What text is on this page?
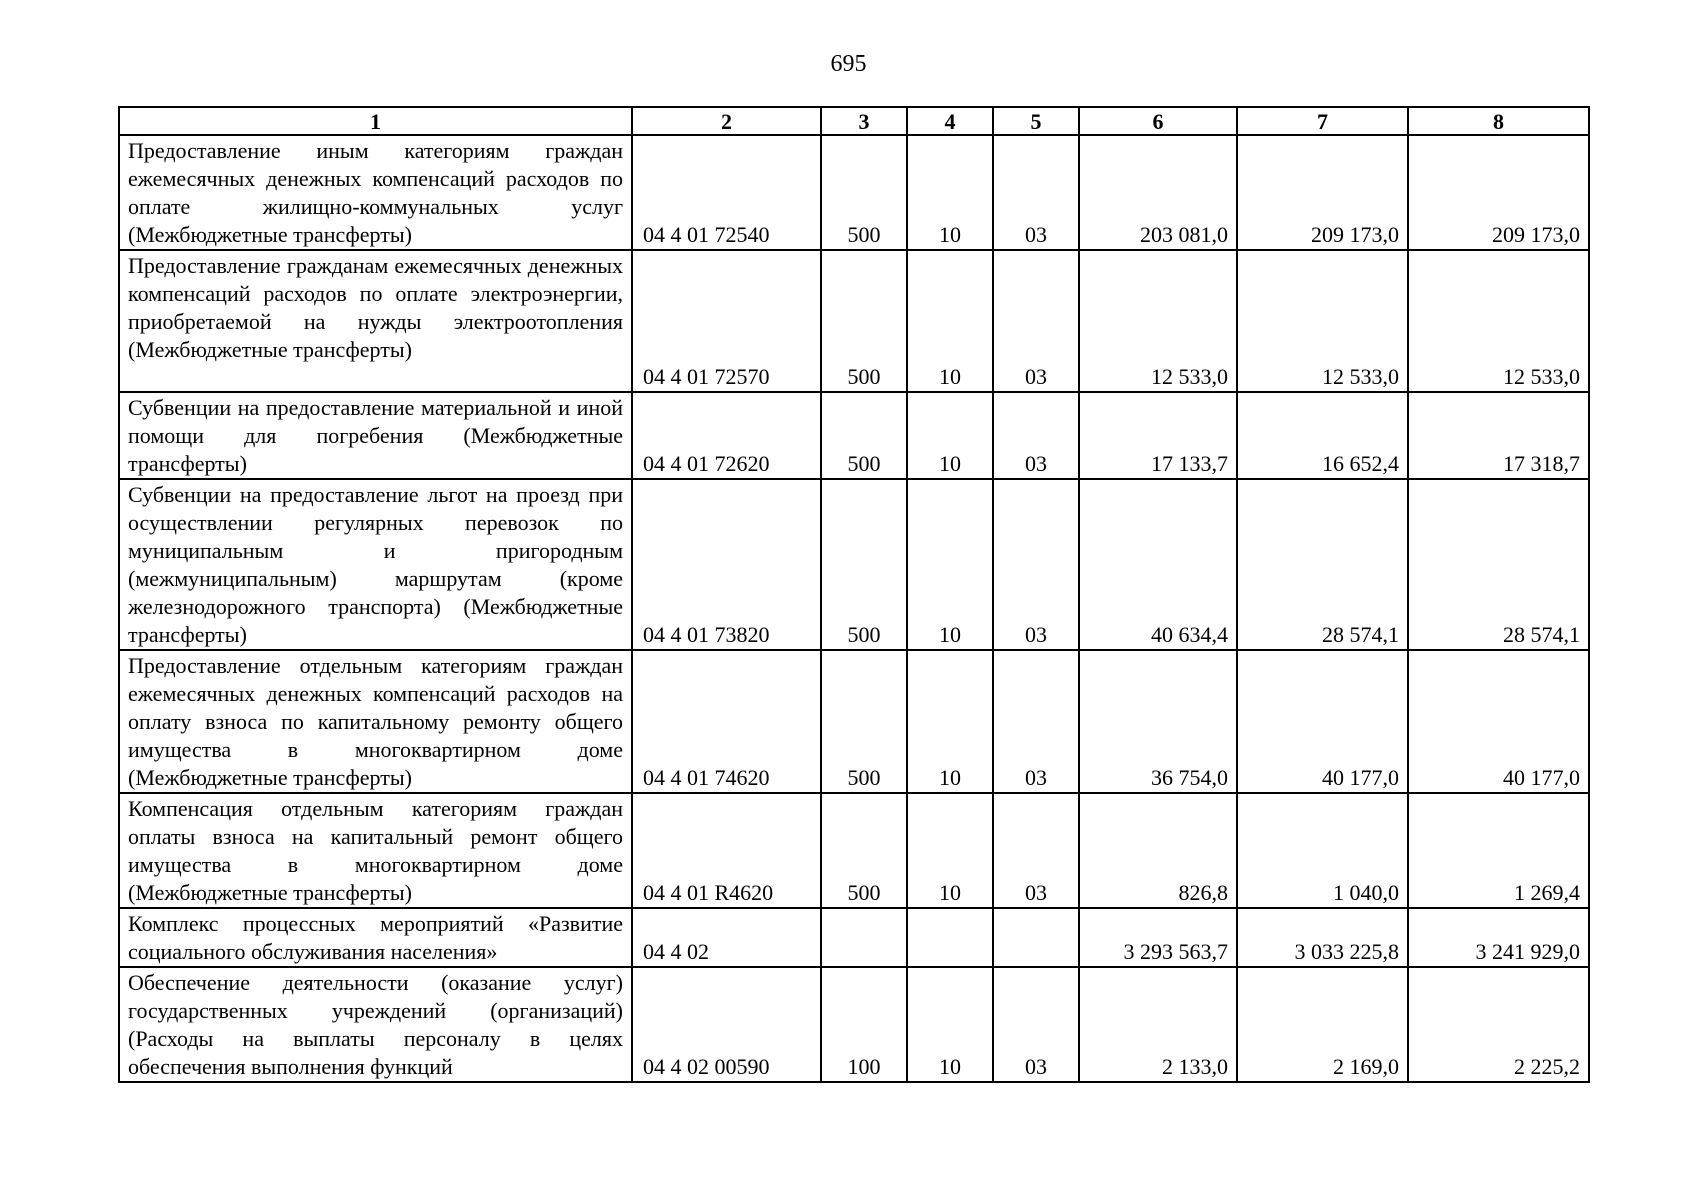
695
1	2	3	4	5	6	7	8
Предоставление иным категориям граждан ежемесячных денежных компенсаций расходов по оплате жилищно-коммунальных услуг (Межбюджетные трансферты)	04 4 01 72540	500	10	03	203 081,0	209 173,0	209 173,0
Предоставление гражданам ежемесячных денежных компенсаций расходов по оплате электроэнергии, приобретаемой на нужды электроотопления (Межбюджетные трансферты)	04 4 01 72570	500	10	03	12 533,0	12 533,0	12 533,0
Субвенции на предоставление материальной и иной помощи для погребения (Межбюджетные трансферты)	04 4 01 72620	500	10	03	17 133,7	16 652,4	17 318,7
Субвенции на предоставление льгот на проезд при осуществлении регулярных перевозок по муниципальным и пригородным (межмуниципальным) маршрутам (кроме железнодорожного транспорта) (Межбюджетные трансферты)	04 4 01 73820	500	10	03	40 634,4	28 574,1	28 574,1
Предоставление отдельным категориям граждан ежемесячных денежных компенсаций расходов на оплату взноса по капитальному ремонту общего имущества в многоквартирном доме (Межбюджетные трансферты)	04 4 01 74620	500	10	03	36 754,0	40 177,0	40 177,0
Компенсация отдельным категориям граждан оплаты взноса на капитальный ремонт общего имущества в многоквартирном доме (Межбюджетные трансферты)	04 4 01 R4620	500	10	03	826,8	1 040,0	1 269,4
Комплекс процессных мероприятий «Развитие социального обслуживания населения»	04 4 02				3 293 563,7	3 033 225,8	3 241 929,0
Обеспечение деятельности (оказание услуг) государственных учреждений (организаций) (Расходы на выплаты персоналу в целях обеспечения выполнения функций	04 4 02 00590	100	10	03	2 133,0	2 169,0	2 225,2
